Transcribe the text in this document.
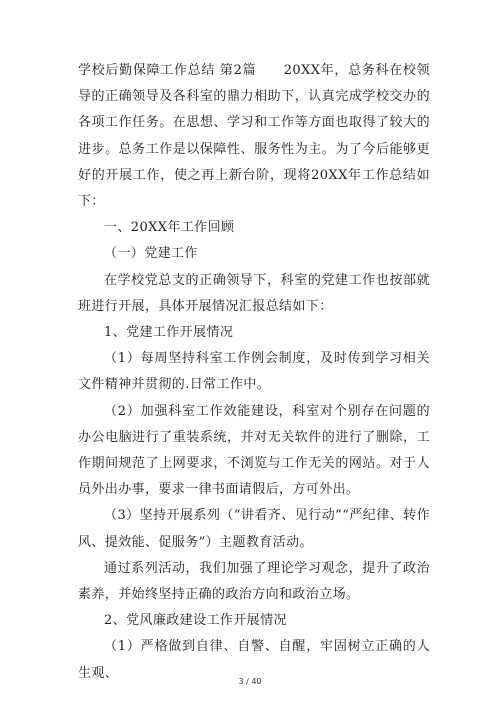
学校后勤保障工作总结 第2篇　　20XX年，总务科在校领导的正确领导及各科室的鼎力相助下，认真完成学校交办的各项工作任务。在思想、学习和工作等方面也取得了较大的进步。总务工作是以保障性、服务性为主。为了今后能够更好的开展工作，使之再上新台阶，现将20XX年工作总结如下：

一、20XX年工作回顾

（一）党建工作

在学校党总支的正确领导下，科室的党建工作也按部就班进行开展，具体开展情况汇报总结如下：

1、党建工作开展情况

（1）每周坚持科室工作例会制度，及时传到学习相关文件精神并贯彻的.日常工作中。

（2）加强科室工作效能建设，科室对个别存在问题的办公电脑进行了重装系统，并对无关软件的进行了删除，工作期间规范了上网要求，不浏览与工作无关的网站。对于人员外出办事，要求一律书面请假后，方可外出。

（3）坚持开展系列（“讲看齐、见行动”“严纪律、转作风、提效能、促服务”）主题教育活动。

通过系列活动，我们加强了理论学习观念，提升了政治素养，并始终坚持正确的政治方向和政治立场。

2、党风廉政建设工作开展情况

（1）严格做到自律、自警、自醒，牢固树立正确的人生观、

3 / 40
